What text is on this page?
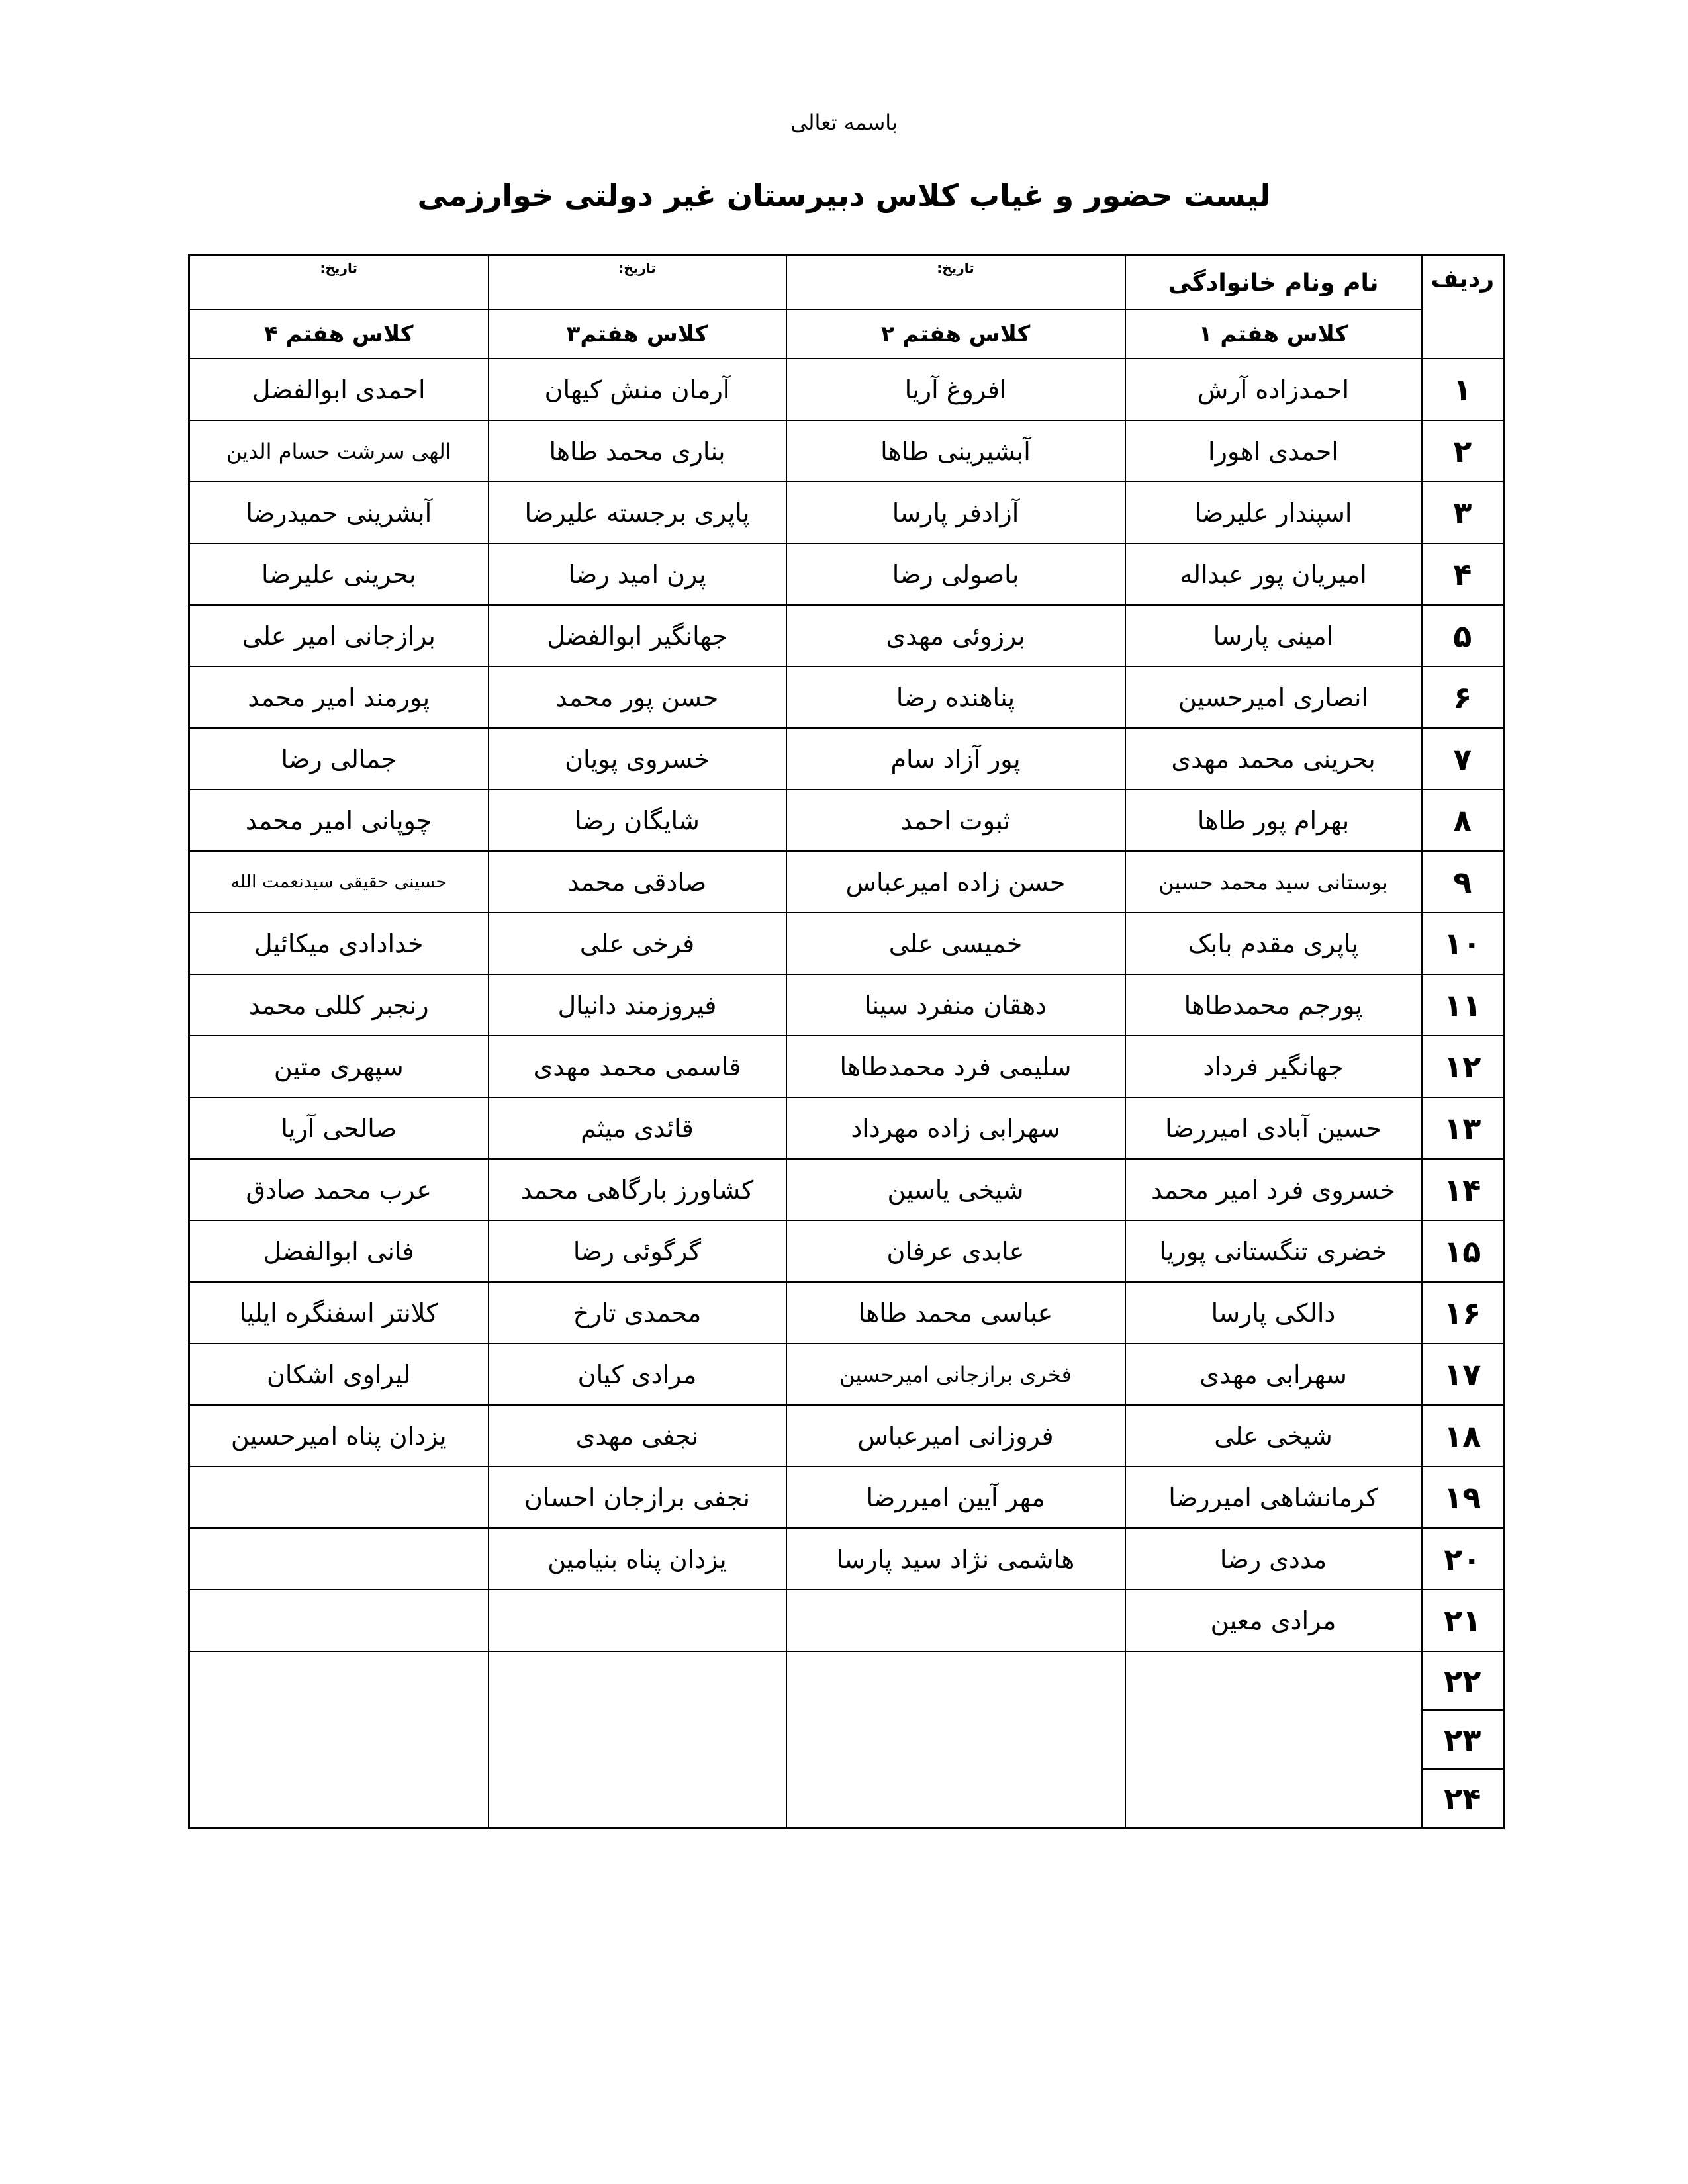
باسمه تعالی
لیست حضور و غیاب کلاس دبیرستان غیر دولتی خوارزمی
ردیف	نام ونام خانوادگی	تاریخ:	تاریخ:	تاریخ:
	کلاس هفتم ۱	کلاس هفتم ۲	کلاس هفتم۳	کلاس هفتم ۴
۱	احمدزاده آرش	افروغ آریا	آرمان منش کیهان	احمدی ابوالفضل
۲	احمدی اهورا	آبشیرینی طاها	بناری محمد طاها	الهی سرشت حسام الدین
۳	اسپندار علیرضا	آزادفر پارسا	پاپری برجسته علیرضا	آبشرینی حمیدرضا
۴	امیریان پور عبداله	باصولی رضا	پرن امید رضا	بحرینی علیرضا
۵	امینی پارسا	برزوئی مهدی	جهانگیر ابوالفضل	برازجانی امیر علی
۶	انصاری امیرحسین	پناهنده رضا	حسن پور محمد	پورمند امیر محمد
۷	بحرینی محمد مهدی	پور آزاد سام	خسروی پویان	جمالی رضا
۸	بهرام پور طاها	ثبوت احمد	شایگان رضا	چوپانی امیر محمد
۹	بوستانی سید محمد حسین	حسن زاده امیرعباس	صادقی محمد	حسینی حقیقی سیدنعمت الله
۱۰	پاپری مقدم بابک	خمیسی علی	فرخی علی	خدادادی میکائیل
۱۱	پورجم محمدطاها	دهقان منفرد سینا	فیروزمند دانیال	رنجبر کللی محمد
۱۲	جهانگیر فرداد	سلیمی فرد محمدطاها	قاسمی محمد مهدی	سپهری متین
۱۳	حسین آبادی امیررضا	سهرابی زاده مهرداد	قائدی میثم	صالحی آریا
۱۴	خسروی فرد امیر محمد	شیخی یاسین	کشاورز بارگاهی محمد	عرب محمد صادق
۱۵	خضری تنگستانی پوریا	عابدی عرفان	گرگوئی رضا	فانی ابوالفضل
۱۶	دالکی پارسا	عباسی محمد طاها	محمدی تارخ	کلانتر اسفنگره ایلیا
۱۷	سهرابی مهدی	فخری برازجانی امیرحسین	مرادی کیان	لیراوی اشکان
۱۸	شیخی علی	فروزانی امیرعباس	نجفی مهدی	یزدان پناه امیرحسین
۱۹	کرمانشاهی امیررضا	مهر آیین امیررضا	نجفی برازجان احسان	
۲۰	مددی رضا	هاشمی نژاد سید پارسا	یزدان پناه بنیامین	
۲۱	مرادی معین			
۲۲				
۲۳				
۲۴				
